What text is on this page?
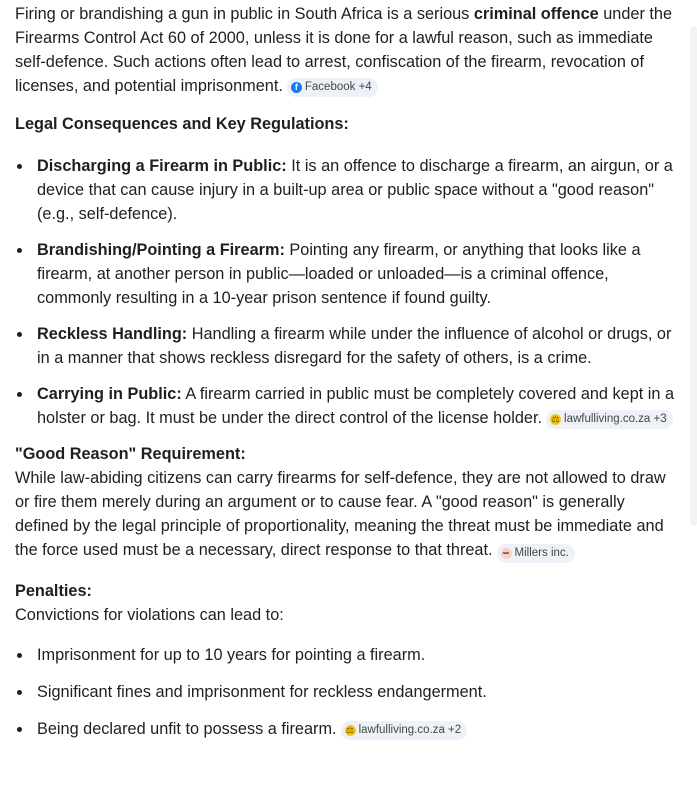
Firing or brandishing a gun in public in South Africa is a serious criminal offence under the Firearms Control Act 60 of 2000, unless it is done for a lawful reason, such as immediate self-defence. Such actions often lead to arrest, confiscation of the firearm, revocation of licenses, and potential imprisonment.	f Facebook +4

Legal Consequences and Key Regulations:

Discharging a Firearm in Public: It is an offence to discharge a firearm, an airgun, or a device that can cause injury in a built-up area or public space without a "good reason" (e.g., self-defence).
Brandishing/Pointing a Firearm: Pointing any firearm, or anything that looks like a firearm, at another person in public—loaded or unloaded—is a criminal offence, commonly resulting in a 10-year prison sentence if found guilty.
Reckless Handling: Handling a firearm while under the influence of alcohol or drugs, or in a manner that shows reckless disregard for the safety of others, is a crime.
Carrying in Public: A firearm carried in public must be completely covered and kept in a holster or bag. It must be under the direct control of the license holder. ⚖ lawfulliving.co.za +3

"Good Reason" Requirement:

While law-abiding citizens can carry firearms for self-defence, they are not allowed to draw or fire them merely during an argument or to cause fear. A "good reason" is generally defined by the legal principle of proportionality, meaning the threat must be immediate and the force used must be a necessary, direct response to that threat.	▬ Millers inc.

Penalties:

Convictions for violations can lead to:

Imprisonment for up to 10 years for pointing a firearm.
Significant fines and imprisonment for reckless endangerment.
Being declared unfit to possess a firearm. ⚖ lawfulliving.co.za +2
